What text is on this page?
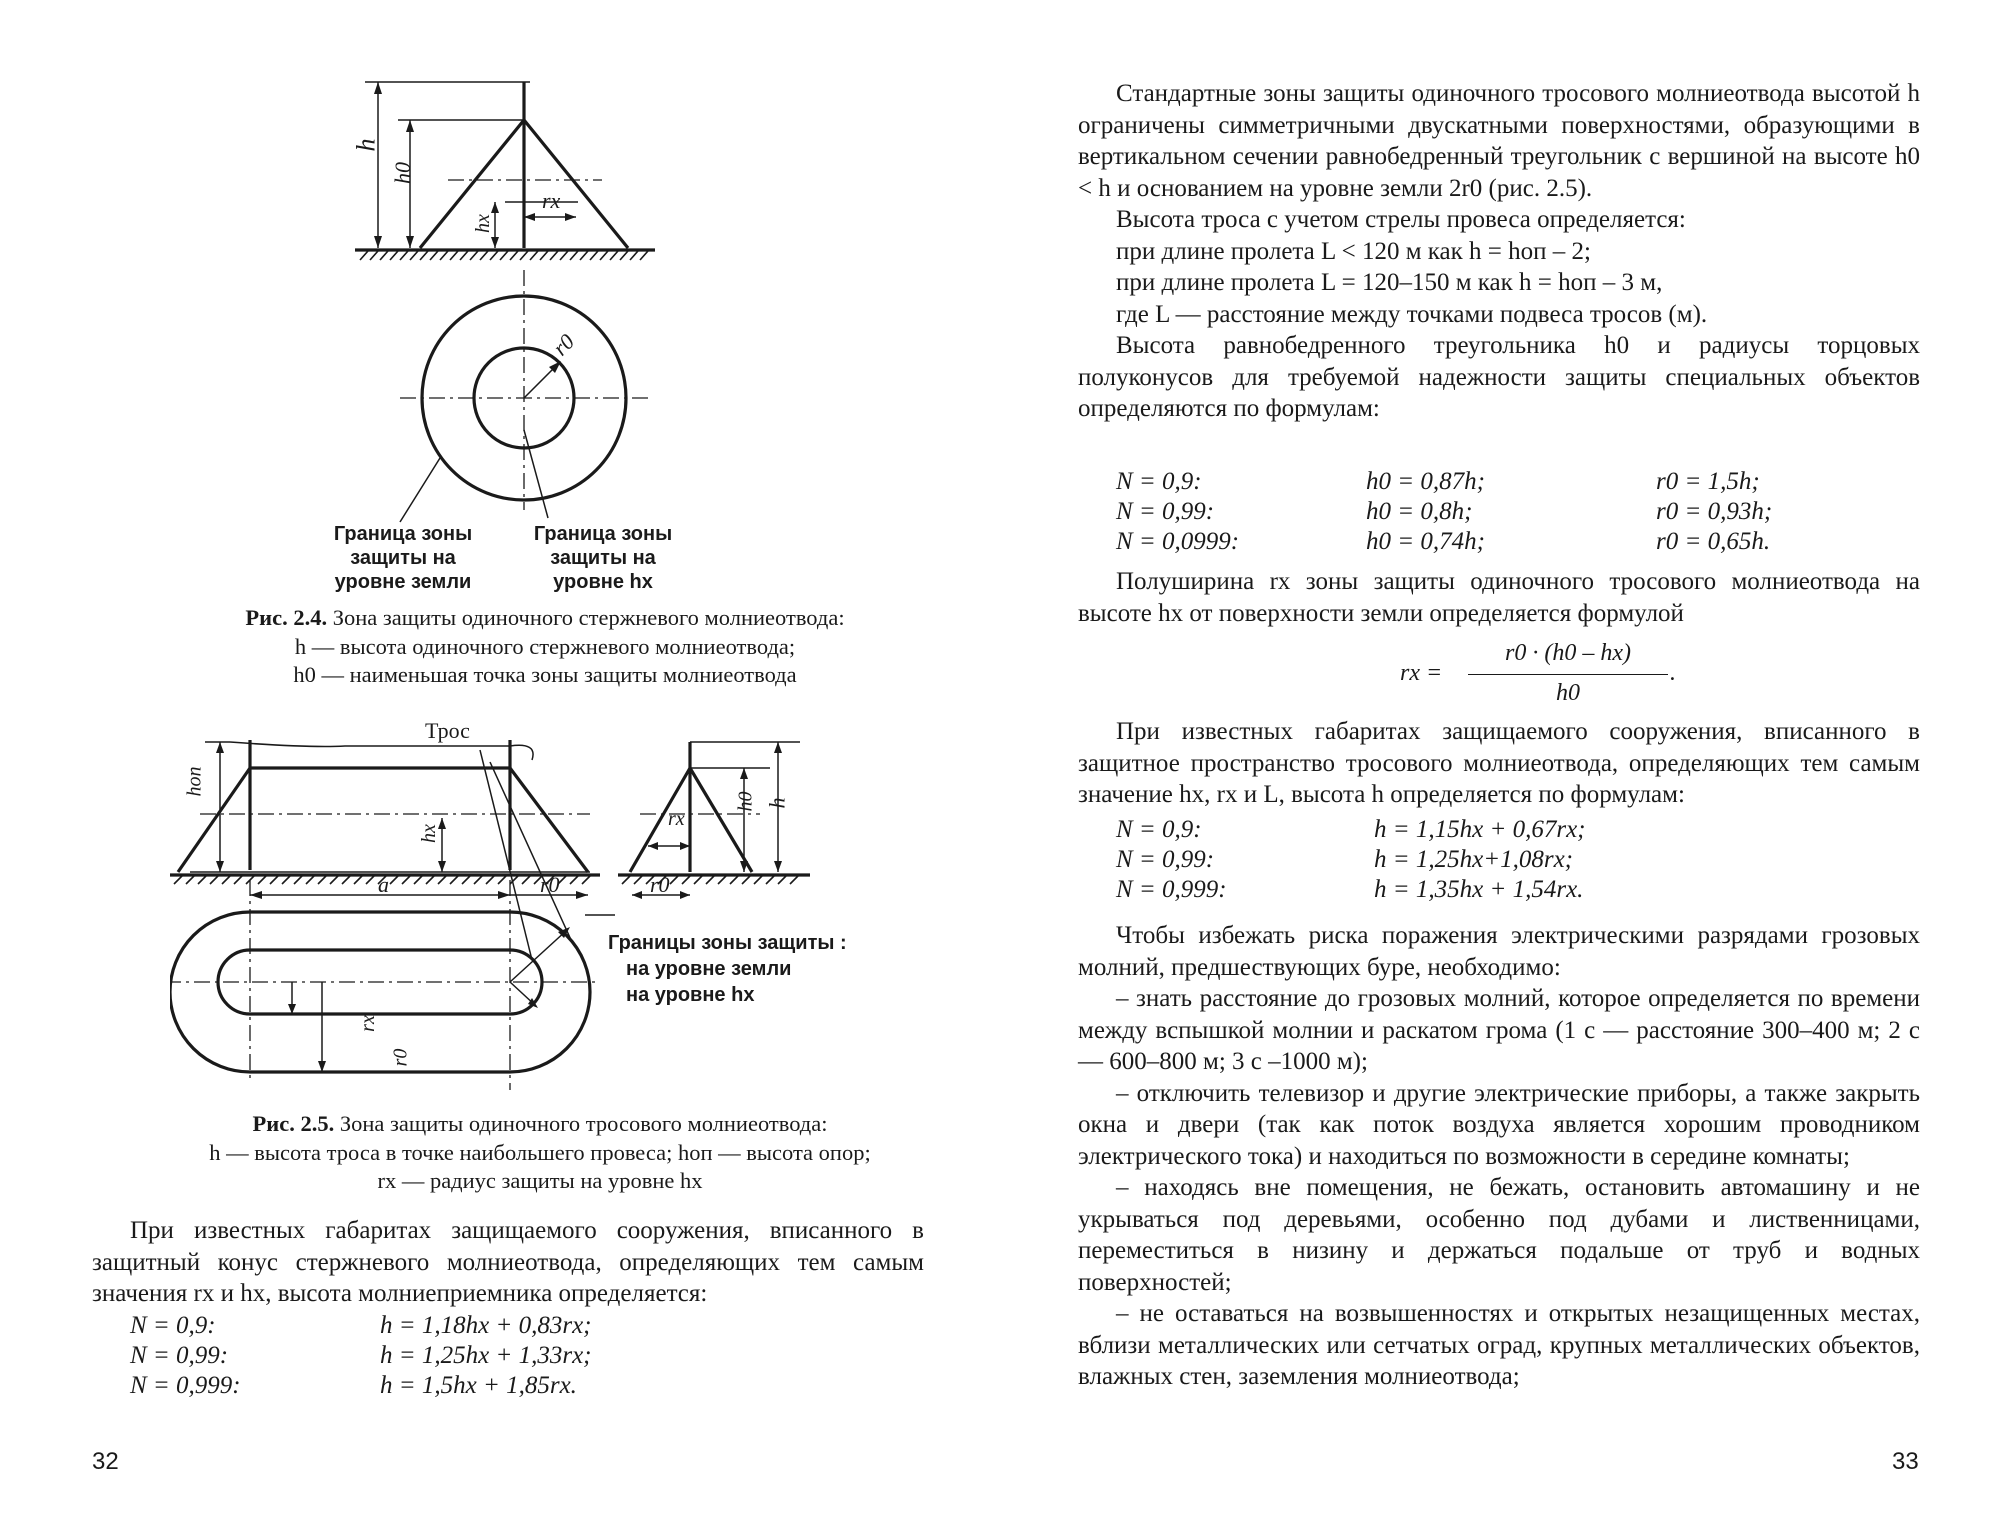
h
h0
hx
rx
r0
Граница зоны защиты на уровне земли
Граница зоны защиты на уровне hx
Рис. 2.4. Зона защиты одиночного стержневого молниеотвода:
h — высота одиночного стержневого молниеотвода;
h0 — наименьшая точка зоны защиты молниеотвода
Трос
hоп
hx
a	r0	r0
rx
h0 h
rx
r0
Границы зоны защиты :
на уровне земли
на уровне hx
Рис. 2.5. Зона защиты одиночного тросового молниеотвода:
h — высота троса в точке наибольшего провеса; hоп — высота опор;
rx — радиус защиты на уровне hx

При известных габаритах защищаемого сооружения, вписанного в защитный конус стержневого молниеотвода, определяющих тем самым значения rx и hx, высота молниеприемника определяется:

N = 0,9:	h = 1,18hx + 0,83rx;
N = 0,99:	h = 1,25hx + 1,33rx;
N = 0,999:	h = 1,5hx + 1,85rx.
32

Стандартные зоны защиты одиночного тросового молниеотвода высотой h ограничены симметричными двускатными поверхностями, образующими в вертикальном сечении равнобедренный треугольник с вершиной на высоте h0 < h и основанием на уровне земли 2r0 (рис. 2.5).

Высота троса с учетом стрелы провеса определяется:

при длине пролета L < 120 м как h = hоп – 2;

при длине пролета L = 120–150 м как h = hоп – 3 м,

где L — расстояние между точками подвеса тросов (м).

Высота равнобедренного треугольника h0 и радиусы торцовых полуконусов для требуемой надежности защиты специальных объектов определяются по формулам:

N = 0,9:	h0 = 0,87h;	r0 = 1,5h;
N = 0,99:	h0 = 0,8h;	r0 = 0,93h;
N = 0,0999:	h0 = 0,74h;	r0 = 0,65h.

Полуширина rx зоны защиты одиночного тросового молниеотвода на высоте hx от поверхности земли определяется формулой

rx =
r0 · (h0 – hx)
h0
.

При известных габаритах защищаемого сооружения, вписанного в защитное пространство тросового молниеотвода, определяющих тем самым значение hx, rx и L, высота h определяется по формулам:

N = 0,9:	h = 1,15hx + 0,67rx;
N = 0,99:	h = 1,25hx+1,08rx;
N = 0,999:	h = 1,35hx + 1,54rx.

Чтобы избежать риска поражения электрическими разрядами грозовых молний, предшествующих буре, необходимо:

– знать расстояние до грозовых молний, которое определяется по времени между вспышкой молнии и раскатом грома (1 с — расстояние 300–400 м; 2 с — 600–800 м; 3 с –1000 м);

– отключить телевизор и другие электрические приборы, а также закрыть окна и двери (так как поток воздуха является хорошим проводником электрического тока) и находиться по возможности в середине комнаты;

– находясь вне помещения, не бежать, остановить автомашину и не укрываться под деревьями, особенно под дубами и лиственницами, переместиться в низину и держаться подальше от труб и водных поверхностей;

– не оставаться на возвышенностях и открытых незащищенных местах, вблизи металлических или сетчатых оград, крупных металлических объектов, влажных стен, заземления молниеотвода;

33
